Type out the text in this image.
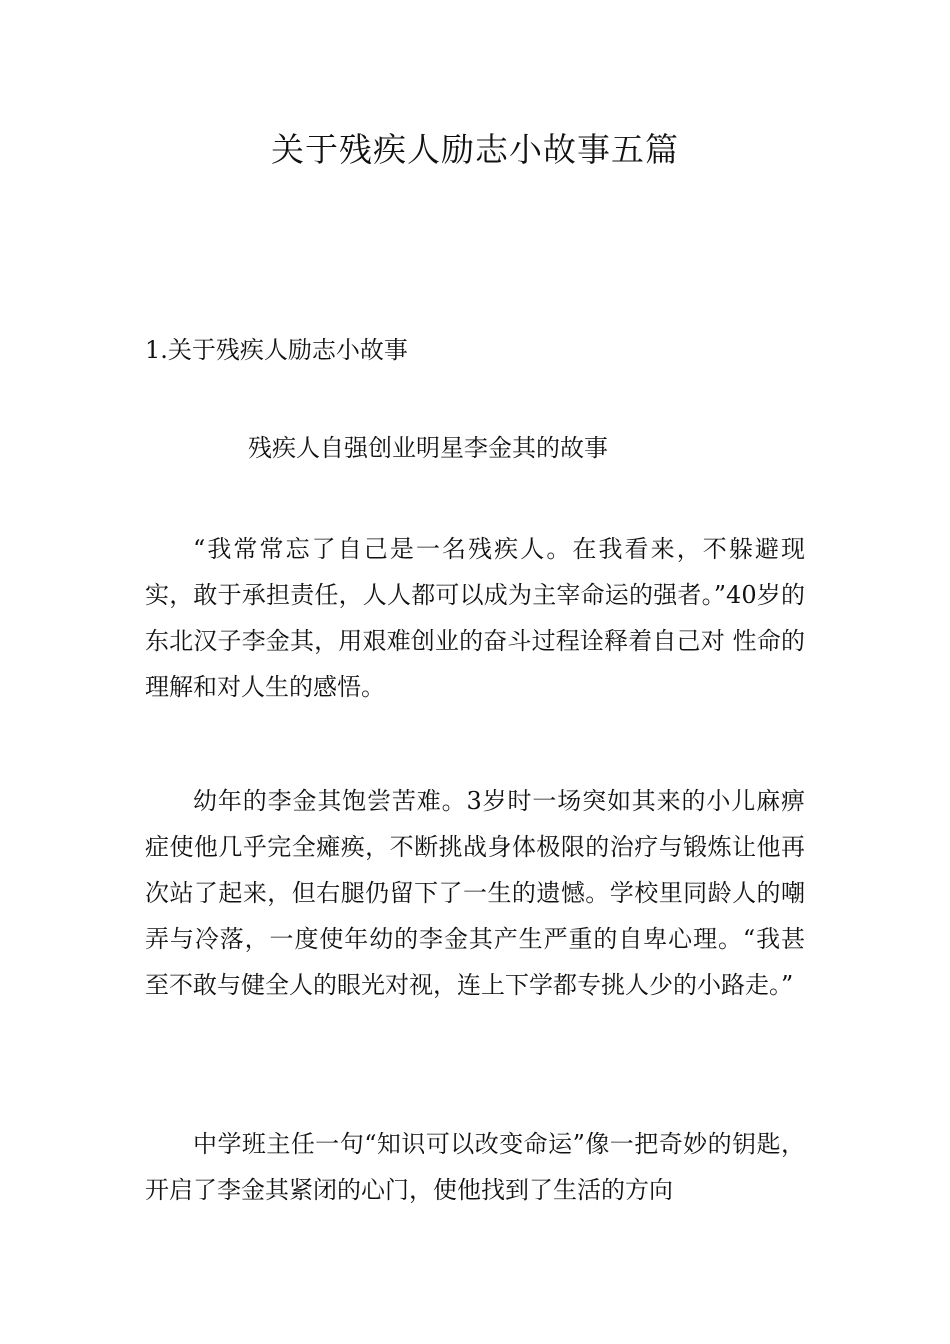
关于残疾人励志小故事五篇
1.关于残疾人励志小故事
残疾人自强创业明星李金其的故事

“我常常忘了自己是一名残疾人。在我看来，不躲避现实，敢于承担责任，人人都可以成为主宰命运的强者。”40岁的东北汉子李金其，用艰难创业的奋斗过程诠释着自己对 性命的理解和对人生的感悟。

幼年的李金其饱尝苦难。3岁时一场突如其来的小儿麻痹症使他几乎完全瘫痪，不断挑战身体极限的治疗与锻炼让他再次站了起来，但右腿仍留下了一生的遗憾。学校里同龄人的嘲弄与冷落，一度使年幼的李金其产生严重的自卑心理。“我甚至不敢与健全人的眼光对视，连上下学都专挑人少的小路走。”

中学班主任一句“知识可以改变命运”像一把奇妙的钥匙，开启了李金其紧闭的心门，使他找到了生活的方向
